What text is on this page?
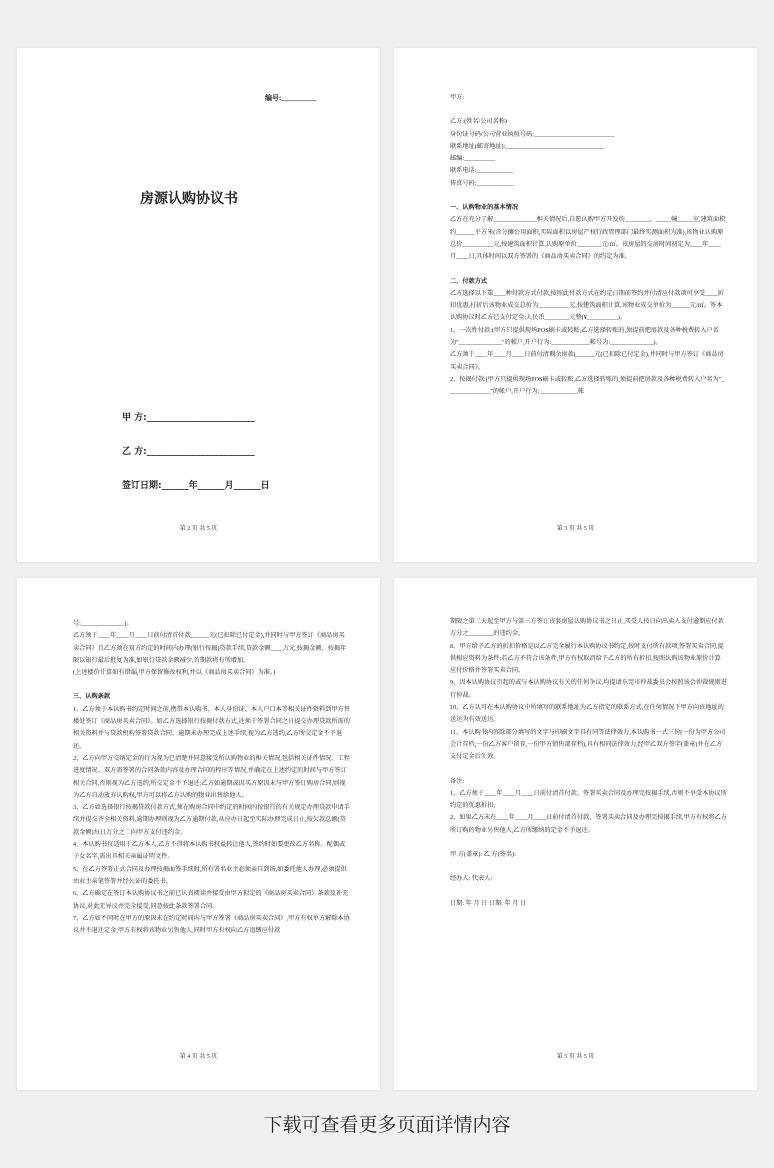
编号:__________
房源认购协议书
甲 方:________________________
乙 方:________________________
签订日期:______年______月______日
第 2 页 共 5 页

甲方:

乙方:(姓名/公司名称)

身份证号码/公司营业执照号码:__________________________

联系地址(邮寄地址):________________________________

邮编:__________

联系电话:____________

传真号码:____________

一、认购物业的基本情况

乙方在充分了解______________相关情况后,自愿认购甲方开发的________、_____幢_____室,建筑面积约______平方米(含分摊公用面积,实际面积以房屋产权行政管理部门最终实测面积为准),该物业认购原总价__________元,按建筑面积计算,认购原单价________元/㎡。该房屋的交房时间初定为____年____月____日,具体时间以双方签署的《商品房买卖合同》的约定为准。

二、付款方式

乙方选择以下第____种付款方式付款,按照此付款方式在约定日期前签约并付清应付款项可享受____折扣优惠,打折后该物业成交总价为__________元,按建筑面积计算,该物业成交单价为______元/㎡。签本认购协议时乙方已支付定金:人民币________元整(¥__________)。

1、一次性付款:(甲方只提供现场POS刷卡或转账,乙方选择转账的,须提前把房款及各种税费转入户名为"______________"的帐户,开户行为:____________,帐号为:______________)。

乙方须于____年____月____日前付清剩余房款(______元(已扣除已付定金),并同时与甲方签订《商品房买卖合同》。

2、按揭付款:(甲方只提供现场POS刷卡或转账,乙方选择转账的,须提前把房款及各种税费转入户名为"______________"的帐户,开户行为:____________,帐

第 3 页 共 5 页

号:______________)。

乙方须于____年____月____日前付清首付款______元(已扣除已付定金),并同时与甲方签订《商品房买卖合同》且乙方须在双方约定的时间内办理(银行按揭)贷款手续,贷款金额____万元,按揭金额、按揭年限以银行最后批复为准,如银行贷款金额减少,首期款将有所增加。

(上述楼价计算如有错漏,甲方保留修改权利,并以《商品房买卖合同》为准。)

三、认购条款

1、乙方须于本认购书约定时间之前,携带本认购书、本人身份证、本人户口本等相关证件资料到甲方售楼处签订《商品房买卖合同》。如乙方选择银行按揭付款方式,还须于签署合同之日提交办理贷款所需的相关资料并与贷款机构签署贷款合同。逾期未办理完成上述手续,视为乙方违约,乙方所交定金不予退还。

2、乙方向甲方交纳定金的行为视为已清楚并同意接受所认购物业的相关情况,包括相关证件情况、工程进度情况、双方需签署的合同条款内容及办理合同的程序等情况,并确定在上述约定的时间与甲方签订相关合同,否则视为乙方违约,所交定金不予退还;乙方如逾期或因买方原因未与甲方签订购房合同,则视为乙方自动放弃认购权,甲方可以将乙方认购的物业出售给他人。

3、乙方如选择银行按揭贷款付款方式,须在购房合同中约定的时间内按银行的有关规定办理贷款申请手续并提交齐全相关资料,逾期办理则视为乙方逾期付款,从应办日起至实际办理完成日止,按欠款总额(贷款金额)每日万分之二向甲方支付违约金。

4、本认购书仅适用于乙方本人,乙方不得将本认购书权益转让他人,签约时如要更改乙方名称、配偶或子女名字,需出具相关亲属证明文件。

5、在乙方签署正式合同及办理按揭面签手续时,所有署名业主必须亲自到场,如委托他人办理,必须提供由业主亲笔签署并经公证的委托书。

6、乙方确定在签订本认购协议书之前已认真阅读并接受由甲方拟定的《商品房买卖合同》条款及补充协议,对此无异议并完全接受,同意按此条款签署合同。

7、乙方如不同时在甲方的原因未在约定时间内与甲方签署《商品房买卖合同》,甲方有权单方解除本协议并不退还定金,甲方有权将该物业另售他人,同时甲方有权向乙方追缴应付款

第 4 页 共 5 页

期限之第二天起至甲方与第三方签订该套房屋认购协议书之日止,买受人按日向出卖人支付逾期应付款万分之________的违约金。

8、甲方给予乙方的折扣价格是以乙方完全履行本认购协议书约定,按时支付所有款项,签署买卖合同,提供相应资料为条件;若乙方不符合该条件,甲方有权取消给予乙方的所有折扣,按照认购该物业原价计算应付价格并签署买卖合同。

9、因本认购协议引起的或与本认购协议有关的任何争议,均提请东莞市仲裁委员会按照该会仲裁规则进行仲裁。

10、乙方认可在本认购协议中所填写的联系地址为乙方指定的联系方式,在任何情况下甲方向该地址的送达为有效送达。

11、本认购书内容除部分填写的文字与印刷文字具有同等法律效力,本认购书一式三份(一份为甲方公司会计存档,一份乙方客户留存,一份甲方销售部存档),具有相同法律效力,经甲乙双方签字(盖章)并在乙方支付定金后生效。

备注:

1、乙方须于____年____月____日前付清首付款、签署买卖合同及办理完按揭手续,否则不享受本协议所约定的优惠折扣;

2、如果乙方未在____年____月____日前付清首付款、签署买卖合同及办理完按揭手续,甲方有权将乙方所订购的物业另售他人,乙方所缴纳的定金不予退还。

甲 方(盖章): 乙 方(签名):

经办人: 代表人:

日期: 年 月 日 日期: 年 月 日

第 5 页 共 5 页
下载可查看更多页面详情内容
